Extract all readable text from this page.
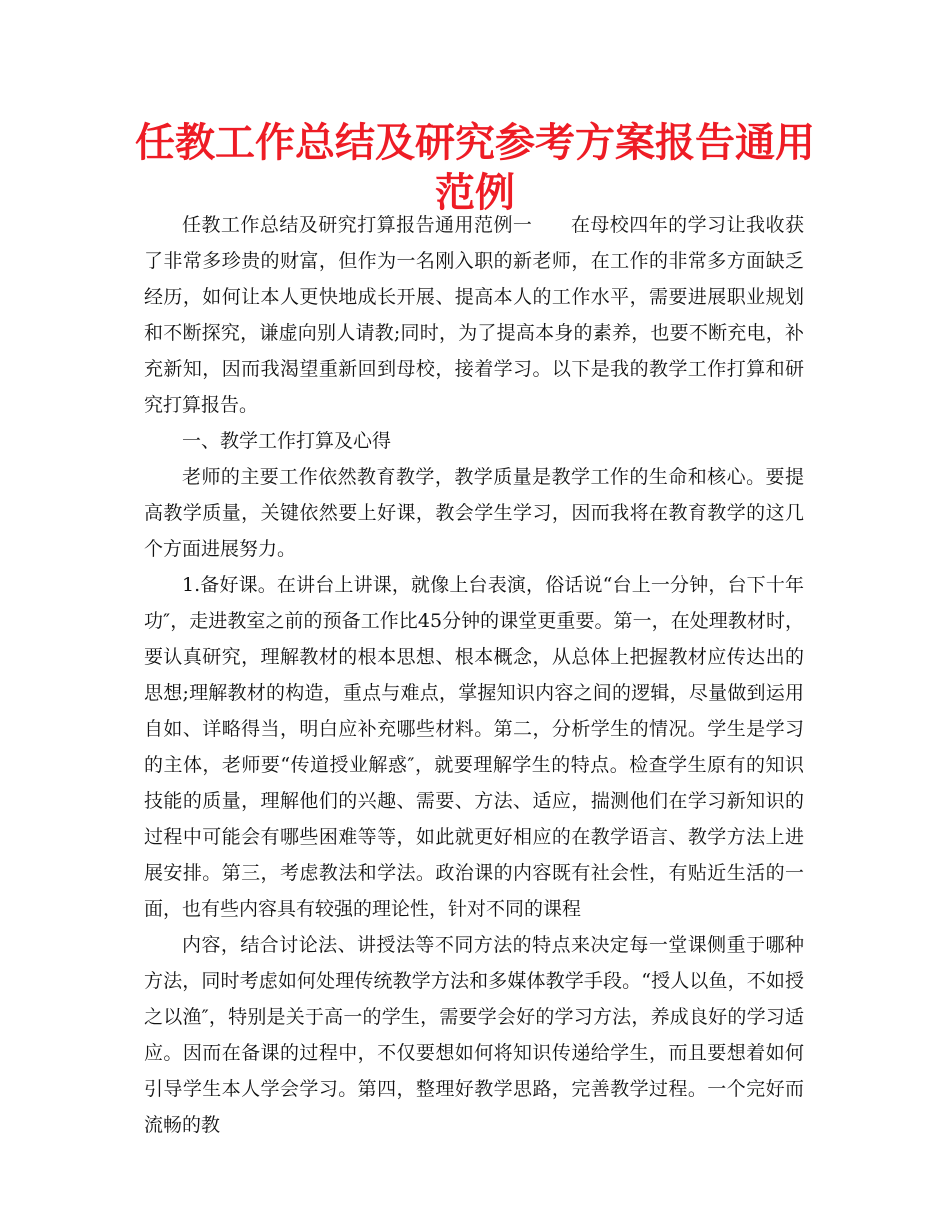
任教工作总结及研究参考方案报告通用范例

任教工作总结及研究打算报告通用范例一 在母校四年的学习让我收获了非常多珍贵的财富，但作为一名刚入职的新老师，在工作的非常多方面缺乏经历，如何让本人更快地成长开展、提高本人的工作水平，需要进展职业规划和不断探究，谦虚向别人请教;同时，为了提高本身的素养，也要不断充电，补充新知，因而我渴望重新回到母校，接着学习。以下是我的教学工作打算和研究打算报告。

一、教学工作打算及心得

老师的主要工作依然教育教学，教学质量是教学工作的生命和核心。要提高教学质量，关键依然要上好课，教会学生学习，因而我将在教育教学的这几个方面进展努力。

1.备好课。在讲台上讲课，就像上台表演，俗话说“台上一分钟，台下十年功″，走进教室之前的预备工作比45分钟的课堂更重要。第一，在处理教材时，要认真研究，理解教材的根本思想、根本概念，从总体上把握教材应传达出的思想;理解教材的构造，重点与难点，掌握知识内容之间的逻辑，尽量做到运用自如、详略得当，明白应补充哪些材料。第二，分析学生的情况。学生是学习的主体，老师要“传道授业解惑″，就要理解学生的特点。检查学生原有的知识技能的质量，理解他们的兴趣、需要、方法、适应，揣测他们在学习新知识的过程中可能会有哪些困难等等，如此就更好相应的在教学语言、教学方法上进展安排。第三，考虑教法和学法。政治课的内容既有社会性，有贴近生活的一面，也有些内容具有较强的理论性，针对不同的课程

内容，结合讨论法、讲授法等不同方法的特点来决定每一堂课侧重于哪种方法，同时考虑如何处理传统教学方法和多媒体教学手段。“授人以鱼，不如授之以渔″，特别是关于高一的学生，需要学会好的学习方法，养成良好的学习适应。因而在备课的过程中，不仅要想如何将知识传递给学生，而且要想着如何引导学生本人学会学习。第四，整理好教学思路，完善教学过程。一个完好而流畅的教
